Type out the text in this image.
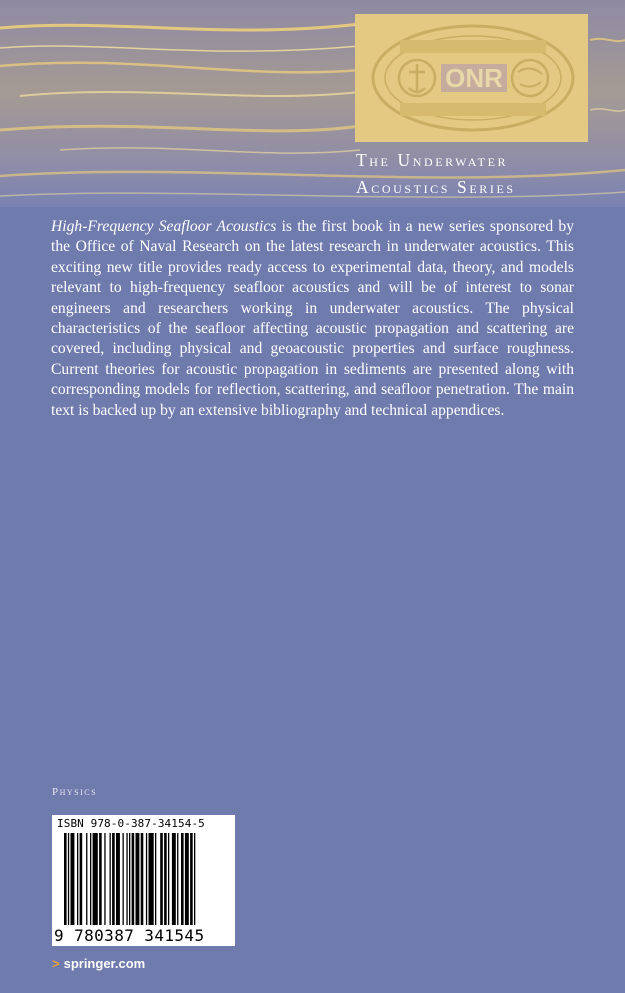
ONR
The Underwater
Acoustics Series

High-Frequency Seafloor Acoustics is the first book in a new series sponsored by the Office of Naval Research on the latest research in underwater acoustics. This exciting new title provides ready access to experimental data, theory, and models relevant to high-frequency seafloor acoustics and will be of interest to sonar engineers and researchers working in underwater acoustics. The physical characteristics of the seafloor affecting acoustic propagation and scattering are covered, including physical and geoacoustic properties and surface roughness. Current theories for acoustic propagation in sediments are presented along with corresponding models for reflection, scattering, and seafloor penetration. The main text is backed up by an extensive bibliography and technical appendices.

Physics
ISBN 978-0-387-34154-5
9 780387 341545
> springer.com
